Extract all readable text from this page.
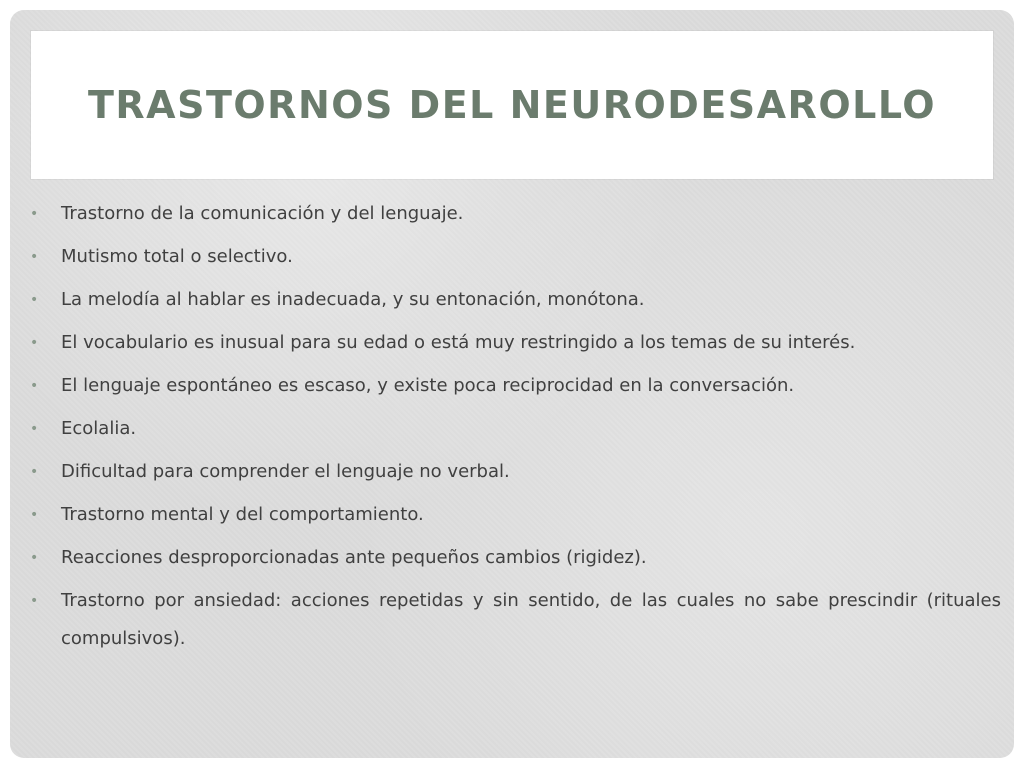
TRASTORNOS DEL NEURODESAROLLO
• Trastorno de la comunicación y del lenguaje.
• Mutismo total o selectivo.
• La melodía al hablar es inadecuada, y su entonación, monótona.
• El vocabulario es inusual para su edad o está muy restringido a los temas de su interés.
• El lenguaje espontáneo es escaso, y existe poca reciprocidad en la conversación.
• Ecolalia.
• Dificultad para comprender el lenguaje no verbal.
• Trastorno mental y del comportamiento.
• Reacciones desproporcionadas ante pequeños cambios (rigidez).
• Trastorno por ansiedad: acciones repetidas y sin sentido, de las cuales no sabe prescindir (rituales compulsivos).
